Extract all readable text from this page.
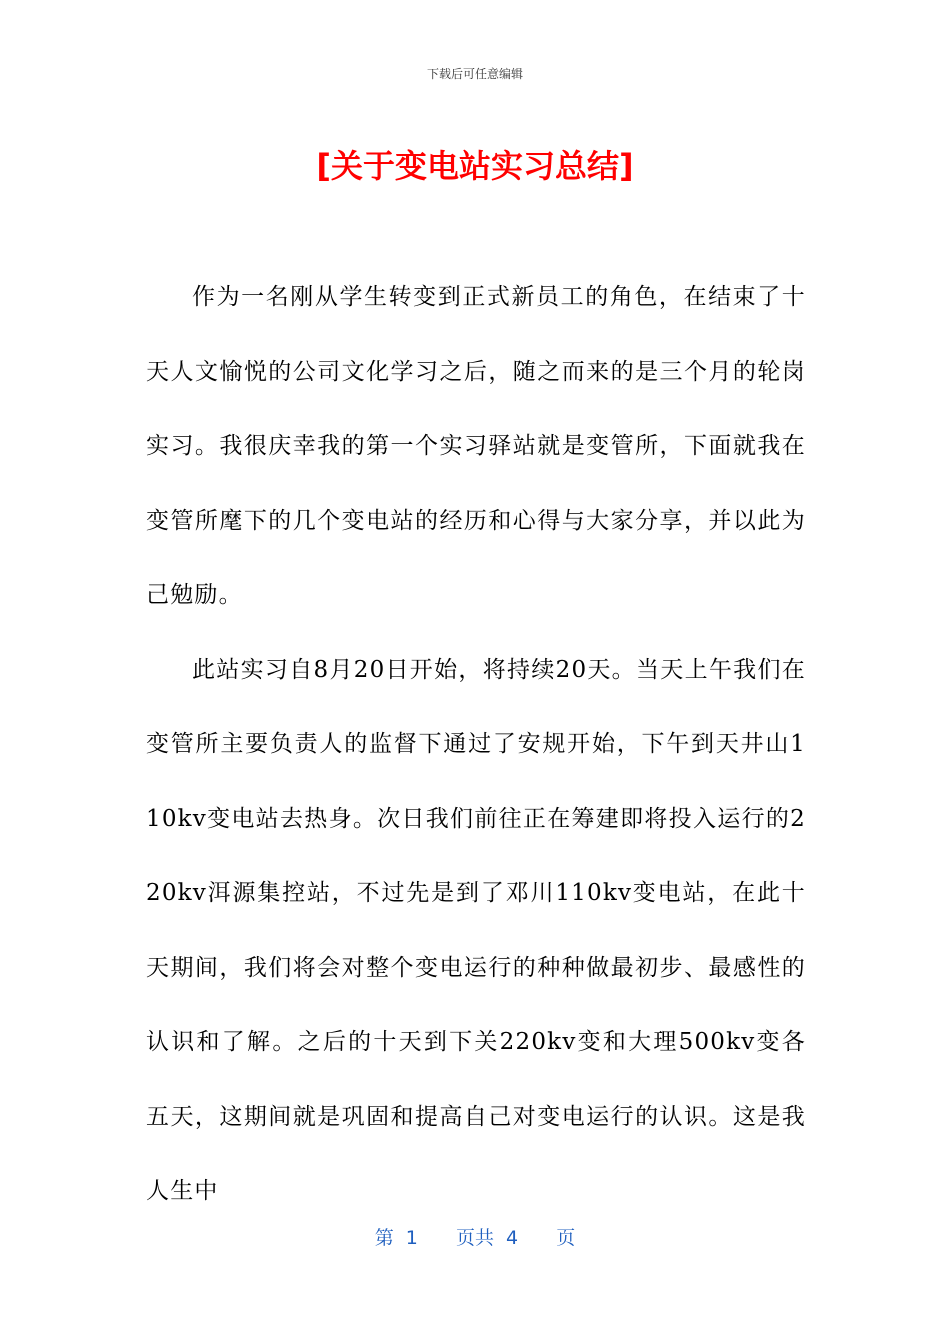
下载后可任意编辑
[关于变电站实习总结]

作为一名刚从学生转变到正式新员工的角色，在结束了十天人文愉悦的公司文化学习之后，随之而来的是三个月的轮岗实习。我很庆幸我的第一个实习驿站就是变管所，下面就我在变管所麾下的几个变电站的经历和心得与大家分享，并以此为己勉励。

此站实习自8月20日开始，将持续20天。当天上午我们在变管所主要负责人的监督下通过了安规开始，下午到天井山110kv变电站去热身。次日我们前往正在筹建即将投入运行的220kv洱源集控站，不过先是到了邓川110kv变电站，在此十天期间，我们将会对整个变电运行的种种做最初步、最感性的认识和了解。之后的十天到下关220kv变和大理500kv变各五天，这期间就是巩固和提高自己对变电运行的认识。这是我人生中

第 1 页共 4 页
